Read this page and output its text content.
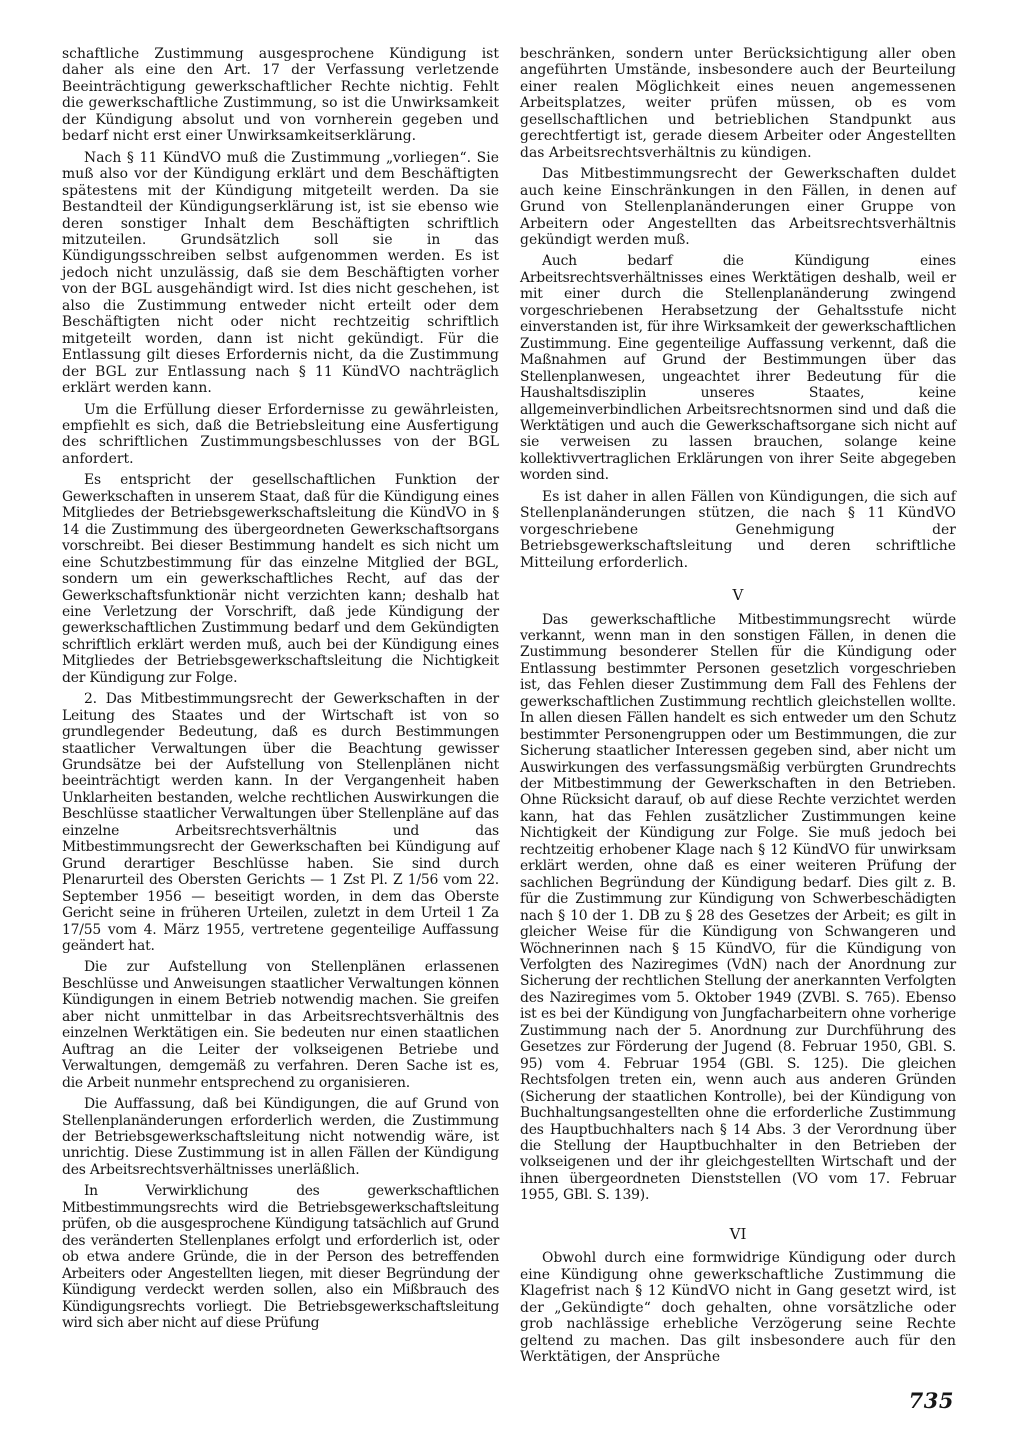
schaftliche Zustimmung ausgesprochene Kündigung ist daher als eine den Art. 17 der Verfassung verletzende Beeinträchtigung gewerkschaftlicher Rechte nichtig. Fehlt die gewerkschaftliche Zustimmung, so ist die Unwirksamkeit der Kündigung absolut und von vornherein gegeben und bedarf nicht erst einer Unwirksamkeitserklärung.

Nach § 11 KündVO muß die Zustimmung „vorliegen“. Sie muß also vor der Kündigung erklärt und dem Beschäftigten spätestens mit der Kündigung mitgeteilt werden. Da sie Bestandteil der Kündigungserklärung ist, ist sie ebenso wie deren sonstiger Inhalt dem Beschäftigten schriftlich mitzuteilen. Grundsätzlich soll sie in das Kündigungsschreiben selbst aufgenommen werden. Es ist jedoch nicht unzulässig, daß sie dem Beschäftigten vorher von der BGL ausgehändigt wird. Ist dies nicht geschehen, ist also die Zustimmung entweder nicht erteilt oder dem Beschäftigten nicht oder nicht rechtzeitig schriftlich mitgeteilt worden, dann ist nicht gekündigt. Für die Entlassung gilt dieses Erfordernis nicht, da die Zustimmung der BGL zur Entlassung nach § 11 KündVO nachträglich erklärt werden kann.

Um die Erfüllung dieser Erfordernisse zu gewährleisten, empfiehlt es sich, daß die Betriebsleitung eine Ausfertigung des schriftlichen Zustimmungsbeschlusses von der BGL anfordert.

Es entspricht der gesellschaftlichen Funktion der Gewerkschaften in unserem Staat, daß für die Kündigung eines Mitgliedes der Betriebsgewerkschaftsleitung die KündVO in § 14 die Zustimmung des übergeordneten Gewerkschaftsorgans vorschreibt. Bei dieser Bestimmung handelt es sich nicht um eine Schutzbestimmung für das einzelne Mitglied der BGL, sondern um ein gewerkschaftliches Recht, auf das der Gewerkschaftsfunktionär nicht verzichten kann; deshalb hat eine Verletzung der Vorschrift, daß jede Kündigung der gewerkschaftlichen Zustimmung bedarf und dem Gekündigten schriftlich erklärt werden muß, auch bei der Kündigung eines Mitgliedes der Betriebsgewerkschaftsleitung die Nichtigkeit der Kündigung zur Folge.

2. Das Mitbestimmungsrecht der Gewerkschaften in der Leitung des Staates und der Wirtschaft ist von so grundlegender Bedeutung, daß es durch Bestimmungen staatlicher Verwaltungen über die Beachtung gewisser Grundsätze bei der Aufstellung von Stellenplänen nicht beeinträchtigt werden kann. In der Vergangenheit haben Unklarheiten bestanden, welche rechtlichen Auswirkungen die Beschlüsse staatlicher Verwaltungen über Stellenpläne auf das einzelne Arbeitsrechtsverhältnis und das Mitbestimmungsrecht der Gewerkschaften bei Kündigung auf Grund derartiger Beschlüsse haben. Sie sind durch Plenarurteil des Obersten Gerichts — 1 Zst Pl. Z 1/56 vom 22. September 1956 — beseitigt worden, in dem das Oberste Gericht seine in früheren Urteilen, zuletzt in dem Urteil 1 Za 17/55 vom 4. März 1955, vertretene gegenteilige Auffassung geändert hat.

Die zur Aufstellung von Stellenplänen erlassenen Beschlüsse und Anweisungen staatlicher Verwaltungen können Kündigungen in einem Betrieb notwendig machen. Sie greifen aber nicht unmittelbar in das Arbeitsrechtsverhältnis des einzelnen Werktätigen ein. Sie bedeuten nur einen staatlichen Auftrag an die Leiter der volkseigenen Betriebe und Verwaltungen, demgemäß zu verfahren. Deren Sache ist es, die Arbeit nunmehr entsprechend zu organisieren.

Die Auffassung, daß bei Kündigungen, die auf Grund von Stellenplanänderungen erforderlich werden, die Zustimmung der Betriebsgewerkschaftsleitung nicht notwendig wäre, ist unrichtig. Diese Zustimmung ist in allen Fällen der Kündigung des Arbeitsrechtsverhältnisses unerläßlich.

In Verwirklichung des gewerkschaftlichen Mitbestimmungsrechts wird die Betriebsgewerkschaftsleitung prüfen, ob die ausgesprochene Kündigung tatsächlich auf Grund des veränderten Stellenplanes erfolgt und erforderlich ist, oder ob etwa andere Gründe, die in der Person des betreffenden Arbeiters oder Angestellten liegen, mit dieser Begründung der Kündigung verdeckt werden sollen, also ein Mißbrauch des Kündigungsrechts vorliegt. Die Betriebsgewerkschaftsleitung wird sich aber nicht auf diese Prüfung

beschränken, sondern unter Berücksichtigung aller oben angeführten Umstände, insbesondere auch der Beurteilung einer realen Möglichkeit eines neuen angemessenen Arbeitsplatzes, weiter prüfen müssen, ob es vom gesellschaftlichen und betrieblichen Standpunkt aus gerechtfertigt ist, gerade diesem Arbeiter oder Angestellten das Arbeitsrechtsverhältnis zu kündigen.

Das Mitbestimmungsrecht der Gewerkschaften duldet auch keine Einschränkungen in den Fällen, in denen auf Grund von Stellenplanänderungen einer Gruppe von Arbeitern oder Angestellten das Arbeitsrechtsverhältnis gekündigt werden muß.

Auch bedarf die Kündigung eines Arbeitsrechtsverhältnisses eines Werktätigen deshalb, weil er mit einer durch die Stellenplanänderung zwingend vorgeschriebenen Herabsetzung der Gehaltsstufe nicht einverstanden ist, für ihre Wirksamkeit der gewerkschaftlichen Zustimmung. Eine gegenteilige Auffassung verkennt, daß die Maßnahmen auf Grund der Bestimmungen über das Stellenplanwesen, ungeachtet ihrer Bedeutung für die Haushaltsdisziplin unseres Staates, keine allgemeinverbindlichen Arbeitsrechtsnormen sind und daß die Werktätigen und auch die Gewerkschaftsorgane sich nicht auf sie verweisen zu lassen brauchen, solange keine kollektivvertraglichen Erklärungen von ihrer Seite abgegeben worden sind.

Es ist daher in allen Fällen von Kündigungen, die sich auf Stellenplanänderungen stützen, die nach § 11 KündVO vorgeschriebene Genehmigung der Betriebsgewerkschaftsleitung und deren schriftliche Mitteilung erforderlich.

V

Das gewerkschaftliche Mitbestimmungsrecht würde verkannt, wenn man in den sonstigen Fällen, in denen die Zustimmung besonderer Stellen für die Kündigung oder Entlassung bestimmter Personen gesetzlich vorgeschrieben ist, das Fehlen dieser Zustimmung dem Fall des Fehlens der gewerkschaftlichen Zustimmung rechtlich gleichstellen wollte. In allen diesen Fällen handelt es sich entweder um den Schutz bestimmter Personengruppen oder um Bestimmungen, die zur Sicherung staatlicher Interessen gegeben sind, aber nicht um Auswirkungen des verfassungsmäßig verbürgten Grundrechts der Mitbestimmung der Gewerkschaften in den Betrieben. Ohne Rücksicht darauf, ob auf diese Rechte verzichtet werden kann, hat das Fehlen zusätzlicher Zustimmungen keine Nichtigkeit der Kündigung zur Folge. Sie muß jedoch bei rechtzeitig erhobener Klage nach § 12 KündVO für unwirksam erklärt werden, ohne daß es einer weiteren Prüfung der sachlichen Begründung der Kündigung bedarf. Dies gilt z. B. für die Zustimmung zur Kündigung von Schwerbeschädigten nach § 10 der 1. DB zu § 28 des Gesetzes der Arbeit; es gilt in gleicher Weise für die Kündigung von Schwangeren und Wöchnerinnen nach § 15 KündVO, für die Kündigung von Verfolgten des Naziregimes (VdN) nach der Anordnung zur Sicherung der rechtlichen Stellung der anerkannten Verfolgten des Naziregimes vom 5. Oktober 1949 (ZVBl. S. 765). Ebenso ist es bei der Kündigung von Jungfacharbeitern ohne vorherige Zustimmung nach der 5. Anordnung zur Durchführung des Gesetzes zur Förderung der Jugend (8. Februar 1950, GBl. S. 95) vom 4. Februar 1954 (GBl. S. 125). Die gleichen Rechtsfolgen treten ein, wenn auch aus anderen Gründen (Sicherung der staatlichen Kontrolle), bei der Kündigung von Buchhaltungsangestellten ohne die erforderliche Zustimmung des Hauptbuchhalters nach § 14 Abs. 3 der Verordnung über die Stellung der Hauptbuchhalter in den Betrieben der volkseigenen und der ihr gleichgestellten Wirtschaft und der ihnen übergeordneten Dienststellen (VO vom 17. Februar 1955, GBl. S. 139).

VI

Obwohl durch eine formwidrige Kündigung oder durch eine Kündigung ohne gewerkschaftliche Zustimmung die Klagefrist nach § 12 KündVO nicht in Gang gesetzt wird, ist der „Gekündigte“ doch gehalten, ohne vorsätzliche oder grob nachlässige erhebliche Verzögerung seine Rechte geltend zu machen. Das gilt insbesondere auch für den Werktätigen, der Ansprüche

735
